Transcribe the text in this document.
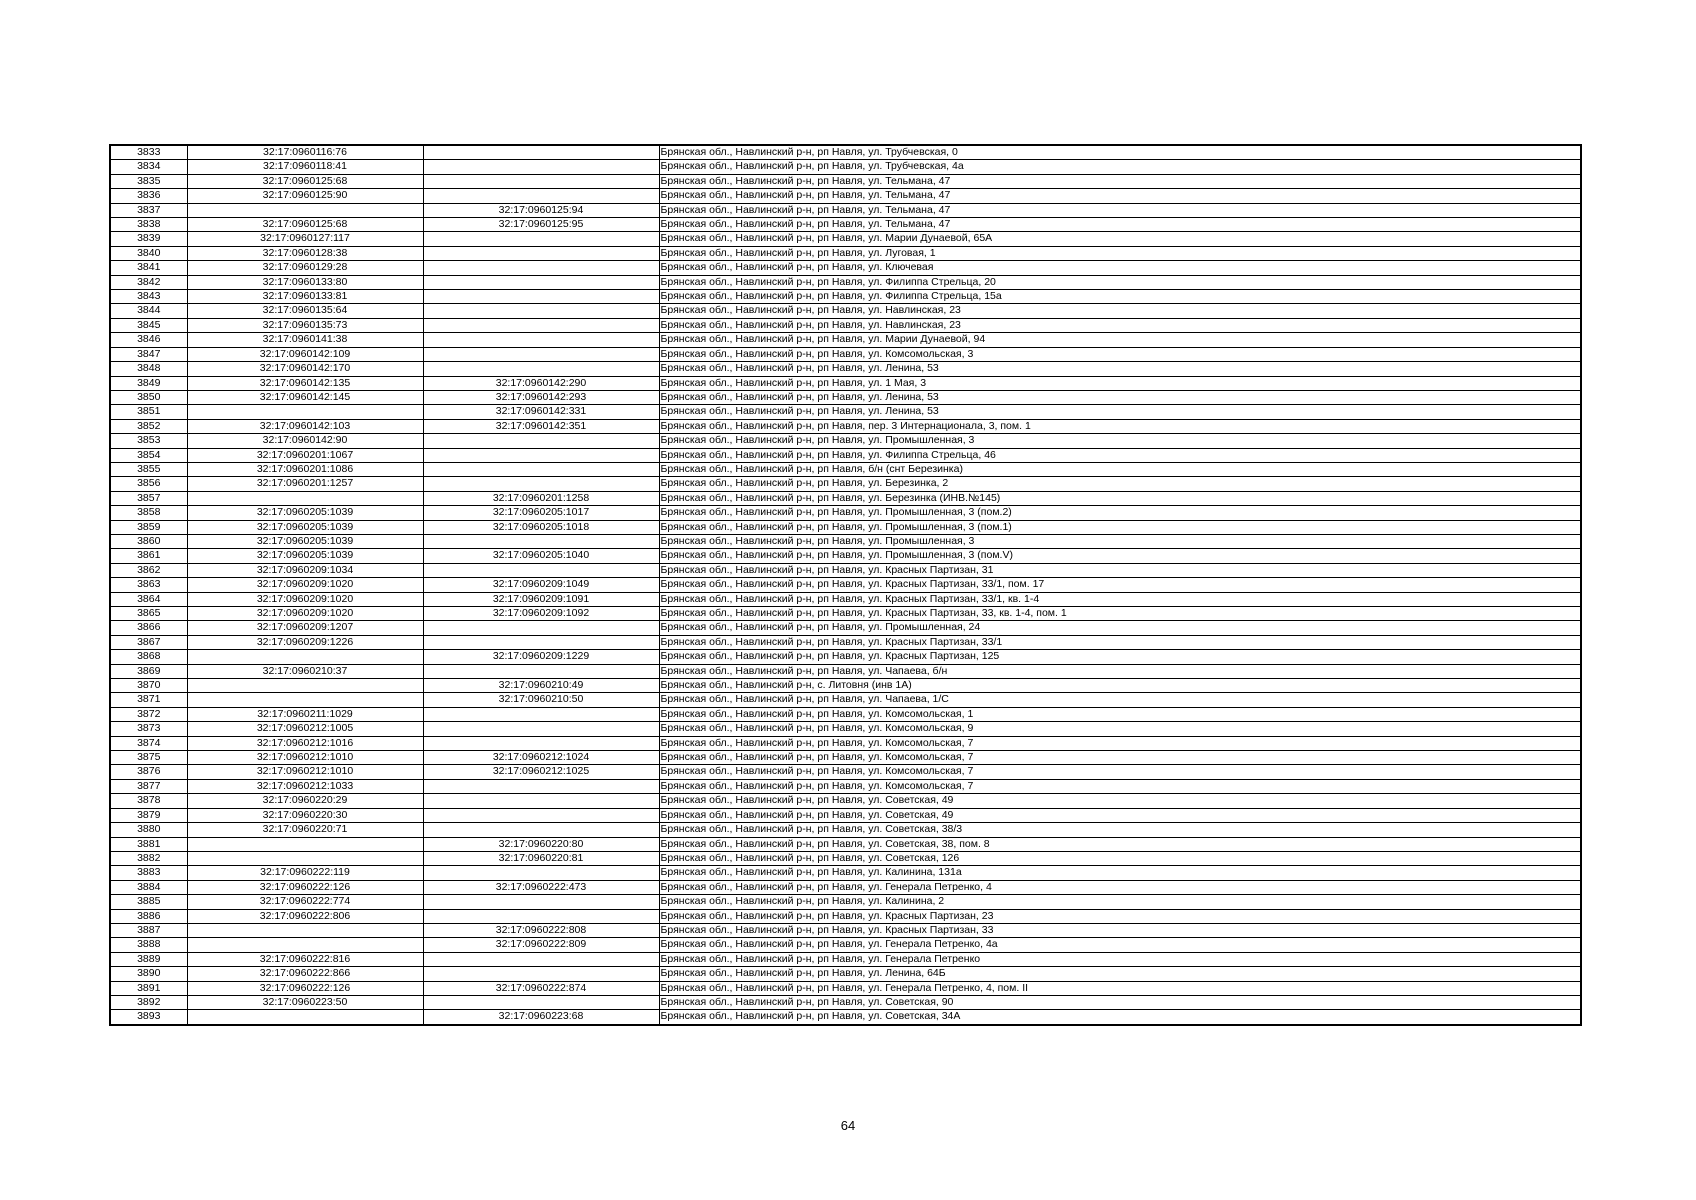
3833	32:17:0960116:76		Брянская обл., Навлинский р-н, рп Навля, ул. Трубчевская, 0
3834	32:17:0960118:41		Брянская обл., Навлинский р-н, рп Навля, ул. Трубчевская, 4а
3835	32:17:0960125:68		Брянская обл., Навлинский р-н, рп Навля, ул. Тельмана, 47
3836	32:17:0960125:90		Брянская обл., Навлинский р-н, рп Навля, ул. Тельмана, 47
3837		32:17:0960125:94	Брянская обл., Навлинский р-н, рп Навля, ул. Тельмана, 47
3838	32:17:0960125:68	32:17:0960125:95	Брянская обл., Навлинский р-н, рп Навля, ул. Тельмана, 47
3839	32:17:0960127:117		Брянская обл., Навлинский р-н, рп Навля, ул. Марии Дунаевой, 65А
3840	32:17:0960128:38		Брянская обл., Навлинский р-н, рп Навля, ул. Луговая, 1
3841	32:17:0960129:28		Брянская обл., Навлинский р-н, рп Навля, ул. Ключевая
3842	32:17:0960133:80		Брянская обл., Навлинский р-н, рп Навля, ул. Филиппа Стрельца, 20
3843	32:17:0960133:81		Брянская обл., Навлинский р-н, рп Навля, ул. Филиппа Стрельца, 15а
3844	32:17:0960135:64		Брянская обл., Навлинский р-н, рп Навля, ул. Навлинская, 23
3845	32:17:0960135:73		Брянская обл., Навлинский р-н, рп Навля, ул. Навлинская, 23
3846	32:17:0960141:38		Брянская обл., Навлинский р-н, рп Навля, ул. Марии Дунаевой, 94
3847	32:17:0960142:109		Брянская обл., Навлинский р-н, рп Навля, ул. Комсомольская, 3
3848	32:17:0960142:170		Брянская обл., Навлинский р-н, рп Навля, ул. Ленина, 53
3849	32:17:0960142:135	32:17:0960142:290	Брянская обл., Навлинский р-н, рп Навля, ул. 1 Мая, 3
3850	32:17:0960142:145	32:17:0960142:293	Брянская обл., Навлинский р-н, рп Навля, ул. Ленина, 53
3851		32:17:0960142:331	Брянская обл., Навлинский р-н, рп Навля, ул. Ленина, 53
3852	32:17:0960142:103	32:17:0960142:351	Брянская обл., Навлинский р-н, рп Навля, пер. 3 Интернационала, 3, пом. 1
3853	32:17:0960142:90		Брянская обл., Навлинский р-н, рп Навля, ул. Промышленная, 3
3854	32:17:0960201:1067		Брянская обл., Навлинский р-н, рп Навля, ул. Филиппа Стрельца, 46
3855	32:17:0960201:1086		Брянская обл., Навлинский р-н, рп Навля, б/н (снт Березинка)
3856	32:17:0960201:1257		Брянская обл., Навлинский р-н, рп Навля, ул. Березинка, 2
3857		32:17:0960201:1258	Брянская обл., Навлинский р-н, рп Навля, ул. Березинка (ИНВ.№145)
3858	32:17:0960205:1039	32:17:0960205:1017	Брянская обл., Навлинский р-н, рп Навля, ул. Промышленная, 3 (пом.2)
3859	32:17:0960205:1039	32:17:0960205:1018	Брянская обл., Навлинский р-н, рп Навля, ул. Промышленная, 3 (пом.1)
3860	32:17:0960205:1039		Брянская обл., Навлинский р-н, рп Навля, ул. Промышленная, 3
3861	32:17:0960205:1039	32:17:0960205:1040	Брянская обл., Навлинский р-н, рп Навля, ул. Промышленная, 3 (пом.V)
3862	32:17:0960209:1034		Брянская обл., Навлинский р-н, рп Навля, ул. Красных Партизан, 31
3863	32:17:0960209:1020	32:17:0960209:1049	Брянская обл., Навлинский р-н, рп Навля, ул. Красных Партизан, 33/1, пом. 17
3864	32:17:0960209:1020	32:17:0960209:1091	Брянская обл., Навлинский р-н, рп Навля, ул. Красных Партизан, 33/1, кв. 1-4
3865	32:17:0960209:1020	32:17:0960209:1092	Брянская обл., Навлинский р-н, рп Навля, ул. Красных Партизан, 33, кв. 1-4, пом. 1
3866	32:17:0960209:1207		Брянская обл., Навлинский р-н, рп Навля, ул. Промышленная, 24
3867	32:17:0960209:1226		Брянская обл., Навлинский р-н, рп Навля, ул. Красных Партизан, 33/1
3868		32:17:0960209:1229	Брянская обл., Навлинский р-н, рп Навля, ул. Красных Партизан, 125
3869	32:17:0960210:37		Брянская обл., Навлинский р-н, рп Навля, ул. Чапаева, б/н
3870		32:17:0960210:49	Брянская обл., Навлинский р-н, с. Литовня (инв 1А)
3871		32:17:0960210:50	Брянская обл., Навлинский р-н, рп Навля, ул. Чапаева, 1/С
3872	32:17:0960211:1029		Брянская обл., Навлинский р-н, рп Навля, ул. Комсомольская, 1
3873	32:17:0960212:1005		Брянская обл., Навлинский р-н, рп Навля, ул. Комсомольская, 9
3874	32:17:0960212:1016		Брянская обл., Навлинский р-н, рп Навля, ул. Комсомольская, 7
3875	32:17:0960212:1010	32:17:0960212:1024	Брянская обл., Навлинский р-н, рп Навля, ул. Комсомольская, 7
3876	32:17:0960212:1010	32:17:0960212:1025	Брянская обл., Навлинский р-н, рп Навля, ул. Комсомольская, 7
3877	32:17:0960212:1033		Брянская обл., Навлинский р-н, рп Навля, ул. Комсомольская, 7
3878	32:17:0960220:29		Брянская обл., Навлинский р-н, рп Навля, ул. Советская, 49
3879	32:17:0960220:30		Брянская обл., Навлинский р-н, рп Навля, ул. Советская, 49
3880	32:17:0960220:71		Брянская обл., Навлинский р-н, рп Навля, ул. Советская, 38/3
3881		32:17:0960220:80	Брянская обл., Навлинский р-н, рп Навля, ул. Советская, 38, пом. 8
3882		32:17:0960220:81	Брянская обл., Навлинский р-н, рп Навля, ул. Советская, 126
3883	32:17:0960222:119		Брянская обл., Навлинский р-н, рп Навля, ул. Калинина, 131а
3884	32:17:0960222:126	32:17:0960222:473	Брянская обл., Навлинский р-н, рп Навля, ул. Генерала Петренко, 4
3885	32:17:0960222:774		Брянская обл., Навлинский р-н, рп Навля, ул. Калинина, 2
3886	32:17:0960222:806		Брянская обл., Навлинский р-н, рп Навля, ул. Красных Партизан, 23
3887		32:17:0960222:808	Брянская обл., Навлинский р-н, рп Навля, ул. Красных Партизан, 33
3888		32:17:0960222:809	Брянская обл., Навлинский р-н, рп Навля, ул. Генерала Петренко, 4а
3889	32:17:0960222:816		Брянская обл., Навлинский р-н, рп Навля, ул. Генерала Петренко
3890	32:17:0960222:866		Брянская обл., Навлинский р-н, рп Навля, ул. Ленина, 64Б
3891	32:17:0960222:126	32:17:0960222:874	Брянская обл., Навлинский р-н, рп Навля, ул. Генерала Петренко, 4, пом. II
3892	32:17:0960223:50		Брянская обл., Навлинский р-н, рп Навля, ул. Советская, 90
3893		32:17:0960223:68	Брянская обл., Навлинский р-н, рп Навля, ул. Советская, 34А
64
